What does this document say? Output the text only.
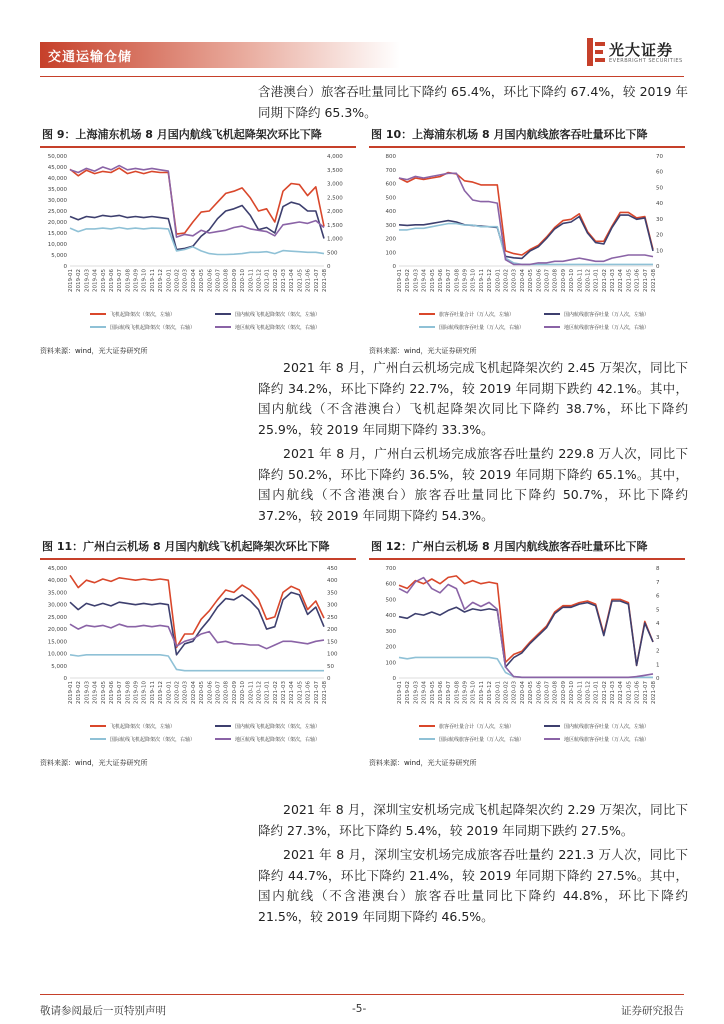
交通运输仓储	光大证券
EVERBRIGHT SECURITIES

含港澳台）旅客吞吐量同比下降约 65.4%，环比下降约 67.4%，较 2019 年同期下降约 65.3%。

图 9：上海浦东机场 8 月国内航线飞机起降架次环比下降
0
5,000
10,000
15,000
20,000
25,000
30,000
35,000
40,000
45,000
50,000
0
500
1,000
1,500
2,000
2,500
3,000
3,500
4,000
2019-01 2019-02 2019-03 2019-04 2019-05 2019-06 2019-07 2019-08 2019-09 2019-10 2019-11 2019-12 2020-01 2020-02 2020-03 2020-04 2020-05 2020-06 2020-07 2020-08 2020-09 2020-10 2020-11 2020-12 2021-01 2021-02 2021-03 2021-04 2021-05 2021-06 2021-07 2021-08
飞机起降架次（架次，左轴）	国内航线飞机起降架次（架次，左轴）
国际航线飞机起降架次（架次，右轴）	地区航线飞机起降架次（架次，右轴）
资料来源：wind，光大证券研究所
图 10：上海浦东机场 8 月国内航线旅客吞吐量环比下降
0
100
200
300
400
500
600
700
800
0
10
20
30
40
50
60
70
2019-01 2019-02 2019-03 2019-04 2019-05 2019-06 2019-07 2019-08 2019-09 2019-10 2019-11 2019-12 2020-01 2020-02 2020-03 2020-04 2020-05 2020-06 2020-07 2020-08 2020-09 2020-10 2020-11 2020-12 2021-01 2021-02 2021-03 2021-04 2021-05 2021-06 2021-07 2021-08
旅客吞吐量合计（万人次，左轴）	国内航线旅客吞吐量（万人次，左轴）
国际航线旅客吞吐量（万人次，右轴）	地区航线旅客吞吐量（万人次，右轴）
资料来源：wind，光大证券研究所

2021 年 8 月，广州白云机场完成飞机起降架次约 2.45 万架次，同比下降约 34.2%，环比下降约 22.7%，较 2019 年同期下跌约 42.1%。其中，国内航线（不含港澳台）飞机起降架次同比下降约 38.7%，环比下降约 25.9%，较 2019 年同期下降约 33.3%。

2021 年 8 月，广州白云机场完成旅客吞吐量约 229.8 万人次，同比下降约 50.2%，环比下降约 36.5%，较 2019 年同期下降约 65.1%。其中，国内航线（不含港澳台）旅客吞吐量同比下降约 50.7%，环比下降约 37.2%，较 2019 年同期下降约 54.3%。

图 11：广州白云机场 8 月国内航线飞机起降架次环比下降
0
5,000
10,000
15,000
20,000
25,000
30,000
35,000
40,000
45,000
0
50
100
150
200
250
300
350
400
450
2019-01 2019-02 2019-03 2019-04 2019-05 2019-06 2019-07 2019-08 2019-09 2019-10 2019-11 2019-12 2020-01 2020-02 2020-03 2020-04 2020-05 2020-06 2020-07 2020-08 2020-09 2020-10 2020-11 2020-12 2021-01 2021-02 2021-03 2021-04 2021-05 2021-06 2021-07 2021-08
飞机起降架次（架次，左轴）	国内航线飞机起降架次（架次，左轴）
国际航线飞机起降架次（架次，右轴）	地区航线飞机起降架次（架次，右轴）
资料来源：wind，光大证券研究所
图 12：广州白云机场 8 月国内航线旅客吞吐量环比下降
0
100
200
300
400
500
600
700
0
1
2
3
4
5
6
7
8
2019-01 2019-02 2019-03 2019-04 2019-05 2019-06 2019-07 2019-08 2019-09 2019-10 2019-11 2019-12 2020-01 2020-02 2020-03 2020-04 2020-05 2020-06 2020-07 2020-08 2020-09 2020-10 2020-11 2020-12 2021-01 2021-02 2021-03 2021-04 2021-05 2021-06 2021-07 2021-08
旅客吞吐量合计（万人次，左轴）	国内航线旅客吞吐量（万人次，左轴）
国际航线旅客吞吐量（万人次，右轴）	地区航线旅客吞吐量（万人次，右轴）
资料来源：wind，光大证券研究所

2021 年 8 月，深圳宝安机场完成飞机起降架次约 2.29 万架次，同比下降约 27.3%，环比下降约 5.4%，较 2019 年同期下跌约 27.5%。

2021 年 8 月，深圳宝安机场完成旅客吞吐量约 221.3 万人次，同比下降约 44.7%，环比下降约 21.4%，较 2019 年同期下降约 27.5%。其中，国内航线（不含港澳台）旅客吞吐量同比下降约 44.8%，环比下降约 21.5%，较 2019 年同期下降约 46.5%。

敬请参阅最后一页特别声明	-5-	证券研究报告
